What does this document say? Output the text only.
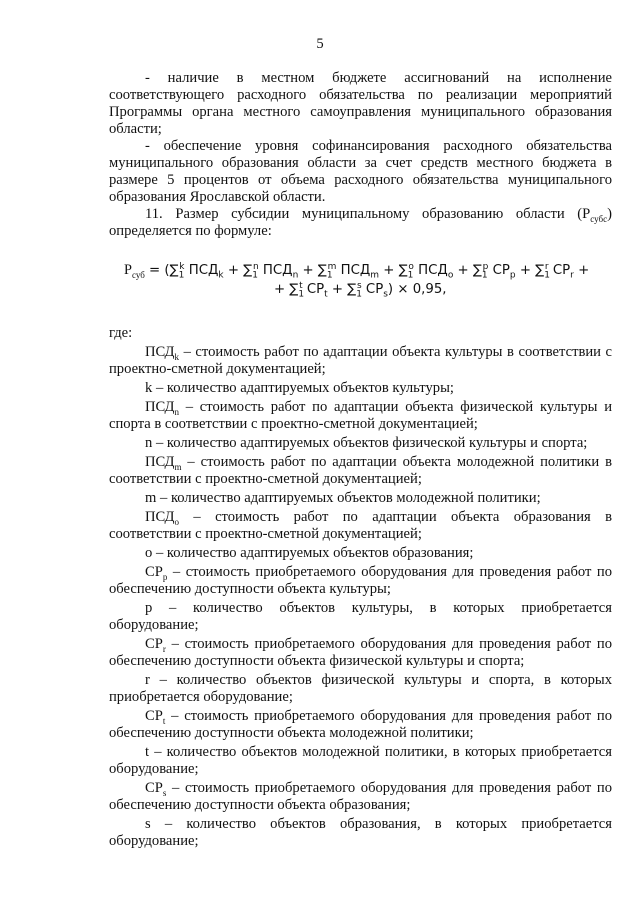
5

- наличие в местном бюджете ассигнований на исполнение соответствующего расходного обязательства по реализации мероприятий Программы органа местного самоуправления муниципального образования области;

- обеспечение уровня софинансирования расходного обязательства муниципального образования области за счет средств местного бюджета в размере 5 процентов от объема расходного обязательства муниципального образования Ярославской области.

11. Размер субсидии муниципальному образованию области $(Р_{субс})$ определяется по формуле:

$Р_{суб} = (\sum_1^k$ $ПСД_k + \sum_1^n$ $ПСД_n + \sum_1^m$ $ПСД_m + \sum_1^o$ $ПСД_o + \sum_1^p$ $СР_p + \sum_1^r$ $СР_r$ +
+ $\sum_1^t$ $СР_t + \sum_1^s$ $СР_s) \times 0,95$,

где:

$ПСД_k$ – стоимость работ по адаптации объекта культуры в соответствии с проектно-сметной документацией;

k – количество адаптируемых объектов культуры;

$ПСД_n$ – стоимость работ по адаптации объекта физической культуры и спорта в соответствии с проектно-сметной документацией;

n – количество адаптируемых объектов физической культуры и спорта;

$ПСД_m$ – стоимость работ по адаптации объекта молодежной политики в соответствии с проектно-сметной документацией;

m – количество адаптируемых объектов молодежной политики;

$ПСД_o$ – стоимость работ по адаптации объекта образования в соответствии с проектно-сметной документацией;

о – количество адаптируемых объектов образования;

$СР_p$ – стоимость приобретаемого оборудования для проведения работ по обеспечению доступности объекта культуры;

p – количество объектов культуры, в которых приобретается оборудование;

$СР_r$ – стоимость приобретаемого оборудования для проведения работ по обеспечению доступности объекта физической культуры и спорта;

r – количество объектов физической культуры и спорта, в которых приобретается оборудование;

$СР_t$ – стоимость приобретаемого оборудования для проведения работ по обеспечению доступности объекта молодежной политики;

t – количество объектов молодежной политики, в которых приобретается оборудование;

$СР_s$ – стоимость приобретаемого оборудования для проведения работ по обеспечению доступности объекта образования;

s – количество объектов образования, в которых приобретается оборудование;
